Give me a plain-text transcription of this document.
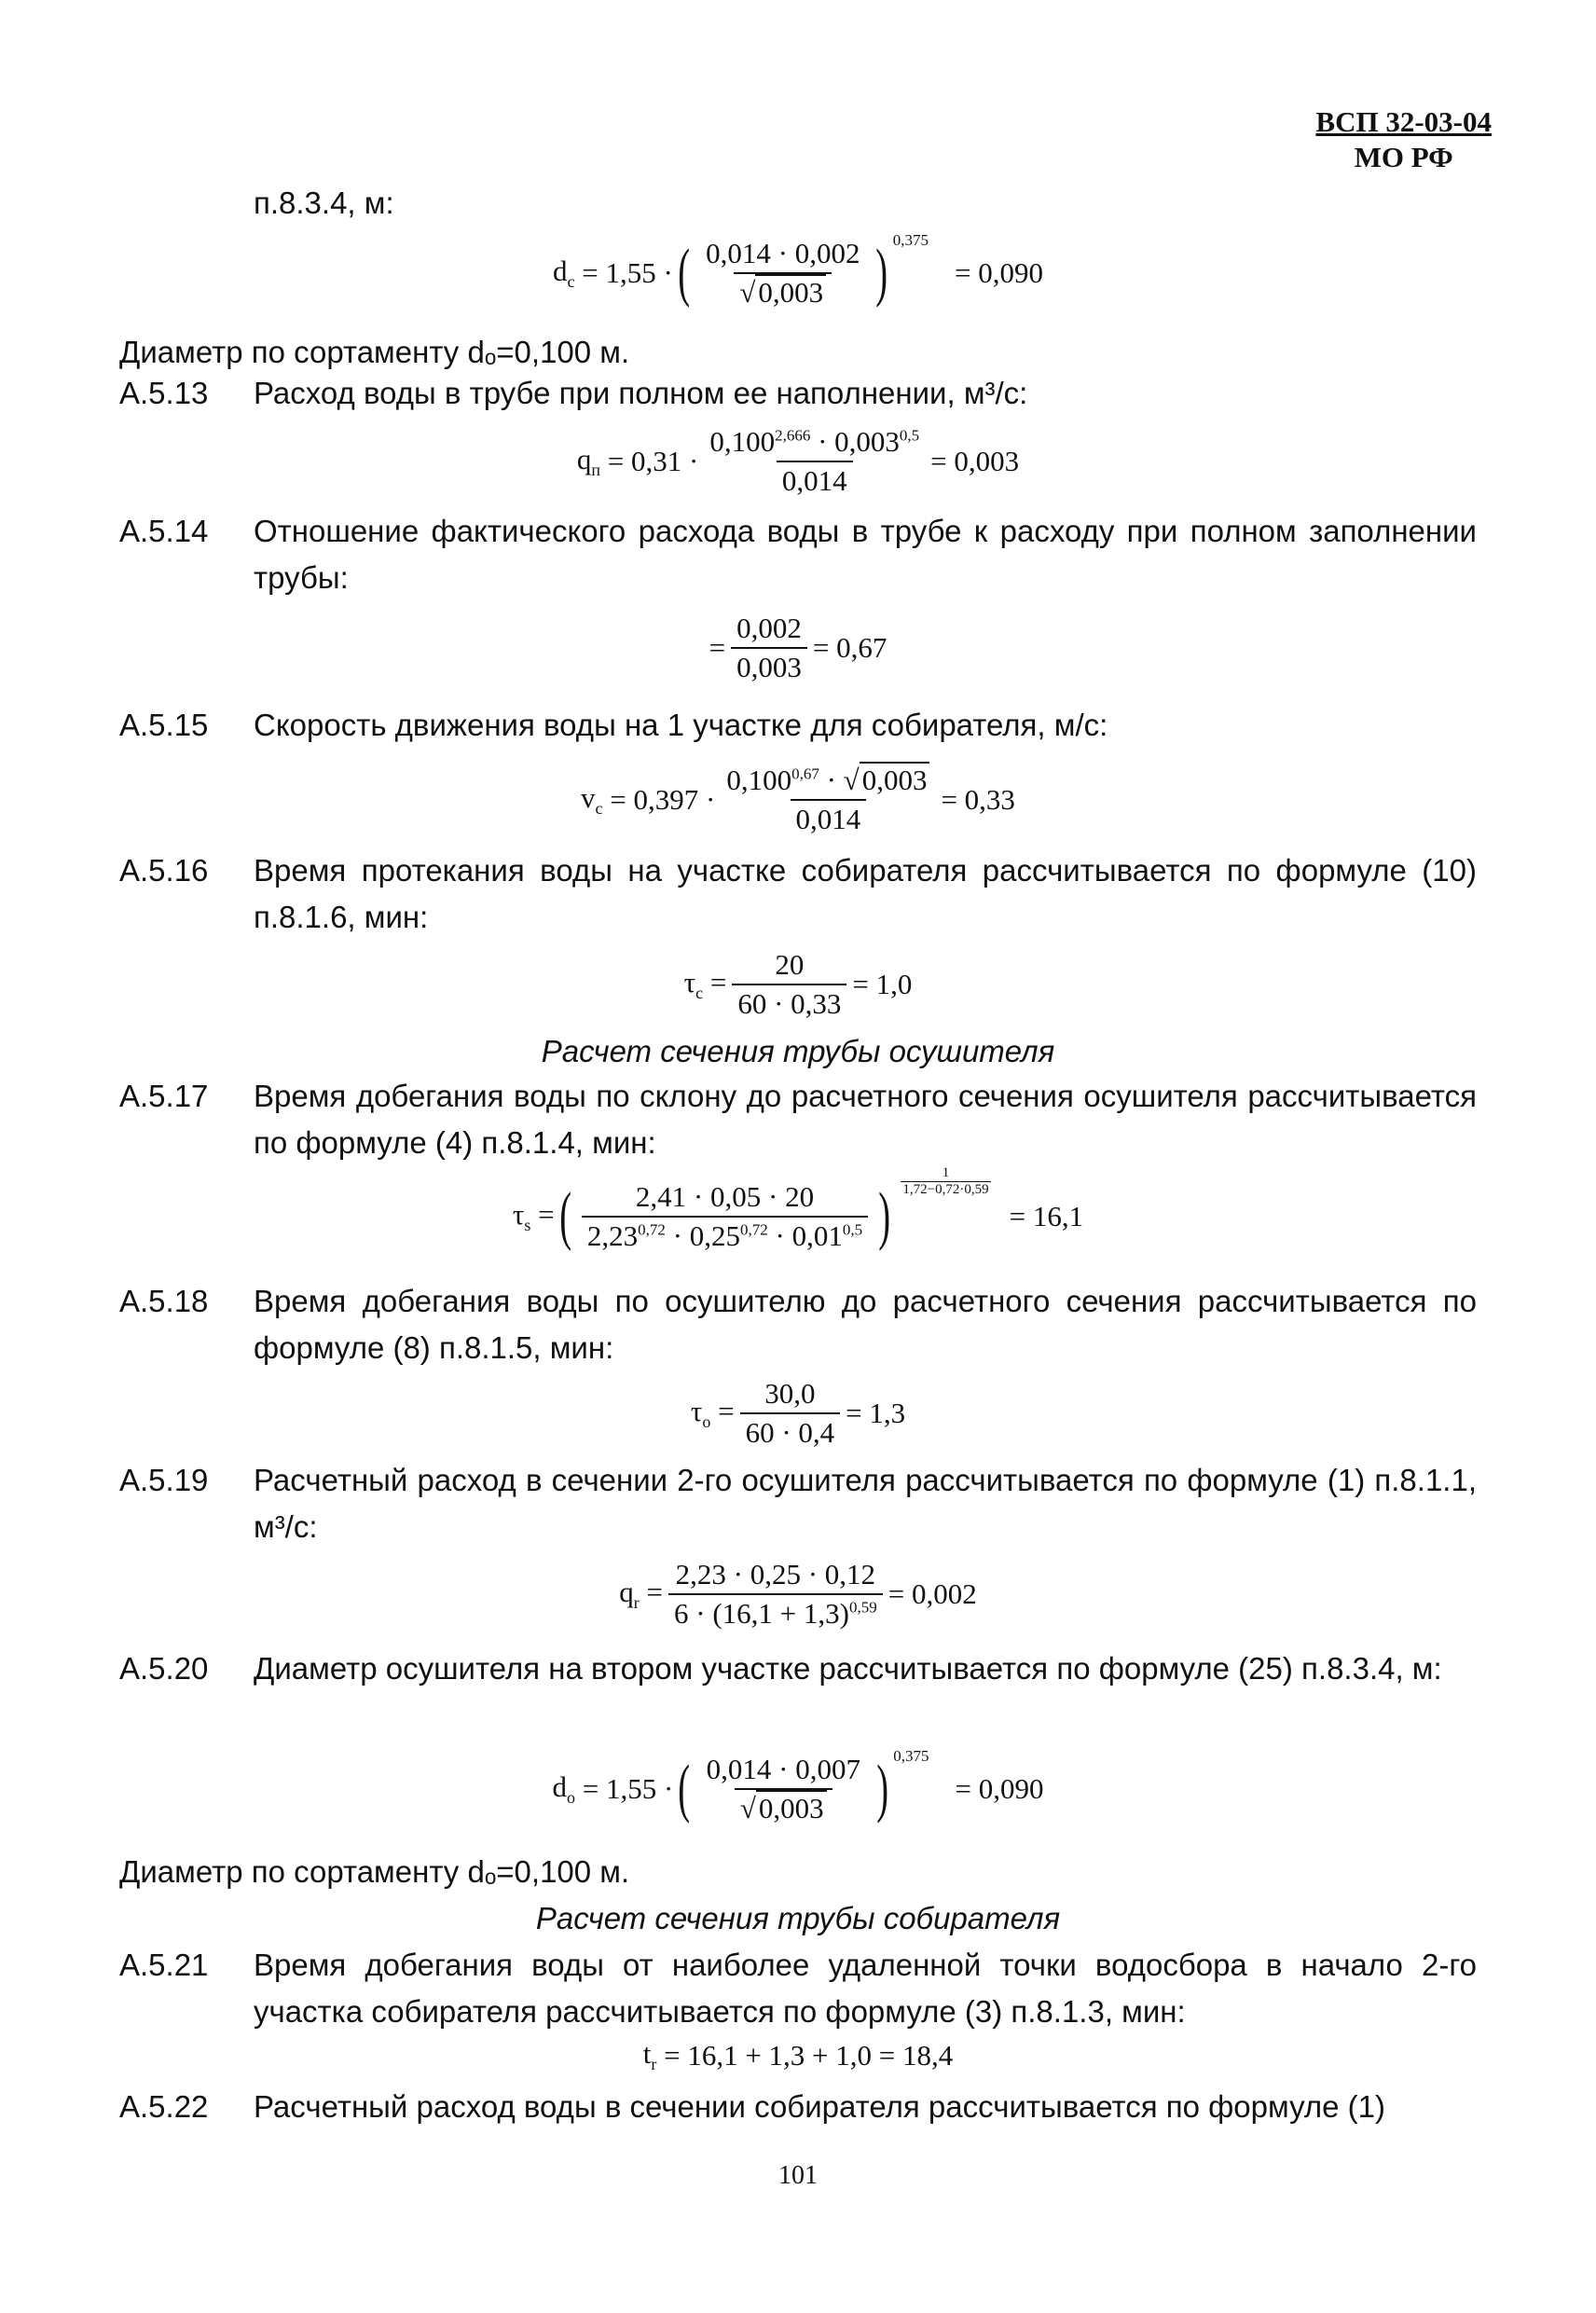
ВСП 32-03-04
МО РФ
п.8.3.4, м:
$d_c = 1,55$ · ( $\frac{0,014 \cdot 0,002}{√0,003}$ ) $^{0,375}$
= 0,090
Диаметр по сортаменту dₒ=0,100 м.
А.5.13 Расход воды в трубе при полном ее наполнении, м³/с:
$q_п = 0,31 \cdot \frac{0,100^{2,666} \cdot 0,003^{0,5}}{0,014} = 0,003$
А.5.14 Отношение фактического расхода воды в трубе к расходу при полном заполнении трубы:
= $\frac{0,002}{0,003} = 0,67$
А.5.15 Скорость движения воды на 1 участке для собирателя, м/с:
$v_c = 0,397 \cdot \frac{0,100^{0,67} \cdot √0,003}{0,014} = 0,33$
А.5.16 Время протекания воды на участке собирателя рассчитывается по формуле (10) п.8.1.6, мин:
$\tau_c = \frac{20}{60 \cdot 0,33} = 1,0$
Расчет сечения трубы осушителя
А.5.17 Время добегания воды по склону до расчетного сечения осушителя рассчитывается по формуле (4) п.8.1.4, мин:
$\tau_s$ = ( 2,41 · 0,05 · 20
$2,23^{0,72} \cdot 0,25^{0,72} \cdot 0,01^{0,5}$ ) $\frac{1}{1,72-0,72\cdot 0,59}$
= 16,1
А.5.18 Время добегания воды по осушителю до расчетного сечения рассчитывается по формуле (8) п.8.1.5, мин:
$\tau_o = \frac{30,0}{60 \cdot 0,4} = 1,3$
А.5.19 Расчетный расход в сечении 2-го осушителя рассчитывается по формуле (1) п.8.1.1, м³/с:
$q_r = \frac{2,23 \cdot 0,25 \cdot 0,12}{6 \cdot (16,1 + 1,3)^{0,59}} = 0,002$
А.5.20 Диаметр осушителя на втором участке рассчитывается по формуле (25) п.8.3.4, м:
$d_o = 1,55$ · ( 0,014 · 0,007
√0,003 ) $^{0,375}$
= 0,090
Диаметр по сортаменту dₒ=0,100 м.
Расчет сечения трубы собирателя
А.5.21 Время добегания воды от наиболее удаленной точки водосбора в начало 2-го участка собирателя рассчитывается по формуле (3) п.8.1.3, мин:
$t_r = 16,1 + 1,3 + 1,0 = 18,4$
А.5.22 Расчетный расход воды в сечении собирателя рассчитывается по формуле (1)
101
